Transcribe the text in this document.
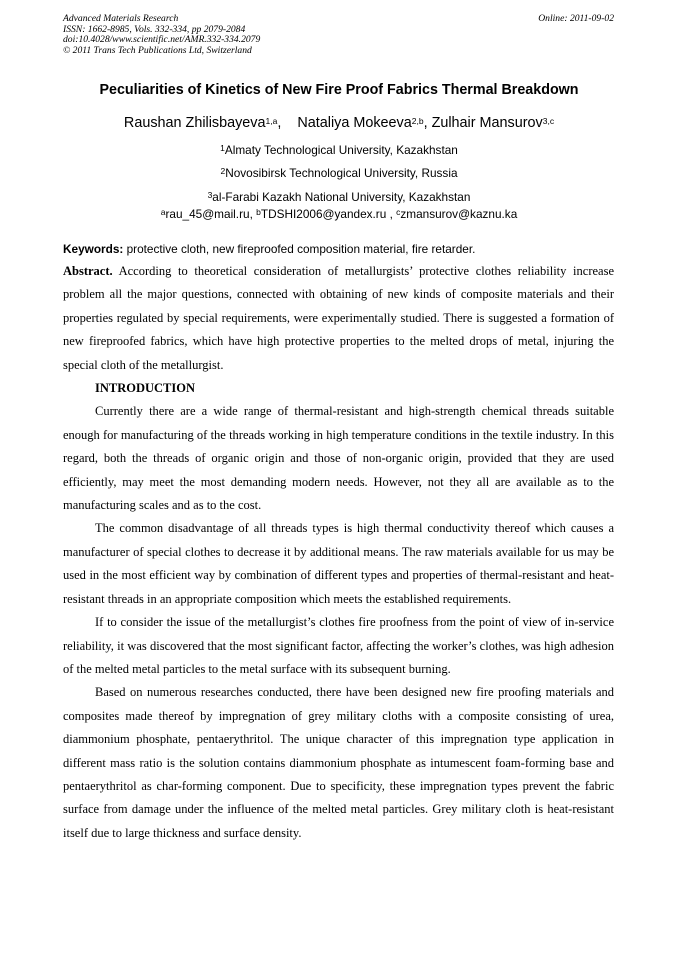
Advanced Materials Research
ISSN: 1662-8985, Vols. 332-334, pp 2079-2084
doi:10.4028/www.scientific.net/AMR.332-334.2079
© 2011 Trans Tech Publications Ltd, Switzerland
Online: 2011-09-02
Peculiarities of Kinetics of New Fire Proof Fabrics Thermal Breakdown
Raushan Zhilisbayeva$^{1,a}$,    Nataliya Mokeeva$^{2,b}$, Zulhair Mansurov$^{3,c}$
$^1$Almaty Technological University, Kazakhstan
$^2$Novosibirsk Technological University, Russia
$^3$al-Farabi Kazakh National University, Kazakhstan
$^a$rau_45@mail.ru, $^b$TDSHI2006@yandex.ru , $^c$zmansurov@kaznu.ka
Keywords: protective cloth, new fireproofed composition material, fire retarder.

Abstract. According to theoretical consideration of metallurgists’ protective clothes reliability increase problem all the major questions, connected with obtaining of new kinds of composite materials and their properties regulated by special requirements, were experimentally studied. There is suggested a formation of new fireproofed fabrics, which have high protective properties to the melted drops of metal, injuring the special cloth of the metallurgist.

INTRODUCTION

Currently there are a wide range of thermal-resistant and high-strength chemical threads suitable enough for manufacturing of the threads working in high temperature conditions in the textile industry. In this regard, both the threads of organic origin and those of non-organic origin, provided that they are used efficiently, may meet the most demanding modern needs. However, not they all are available as to the manufacturing scales and as to the cost.

The common disadvantage of all threads types is high thermal conductivity thereof which causes a manufacturer of special clothes to decrease it by additional means. The raw materials available for us may be used in the most efficient way by combination of different types and properties of thermal-resistant and heat-resistant threads in an appropriate composition which meets the established requirements.

If to consider the issue of the metallurgist’s clothes fire proofness from the point of view of in-service reliability, it was discovered that the most significant factor, affecting the worker’s clothes, was high adhesion of the melted metal particles to the metal surface with its subsequent burning.

Based on numerous researches conducted, there have been designed new fire proofing materials and composites made thereof by impregnation of grey military cloths with a composite consisting of urea, diammonium phosphate, pentaerythritol. The unique character of this impregnation type application in different mass ratio is the solution contains diammonium phosphate as intumescent foam-forming base and pentaerythritol as char-forming component. Due to specificity, these impregnation types prevent the fabric surface from damage under the influence of the melted metal particles. Grey military cloth is heat-resistant itself due to large thickness and surface density.
